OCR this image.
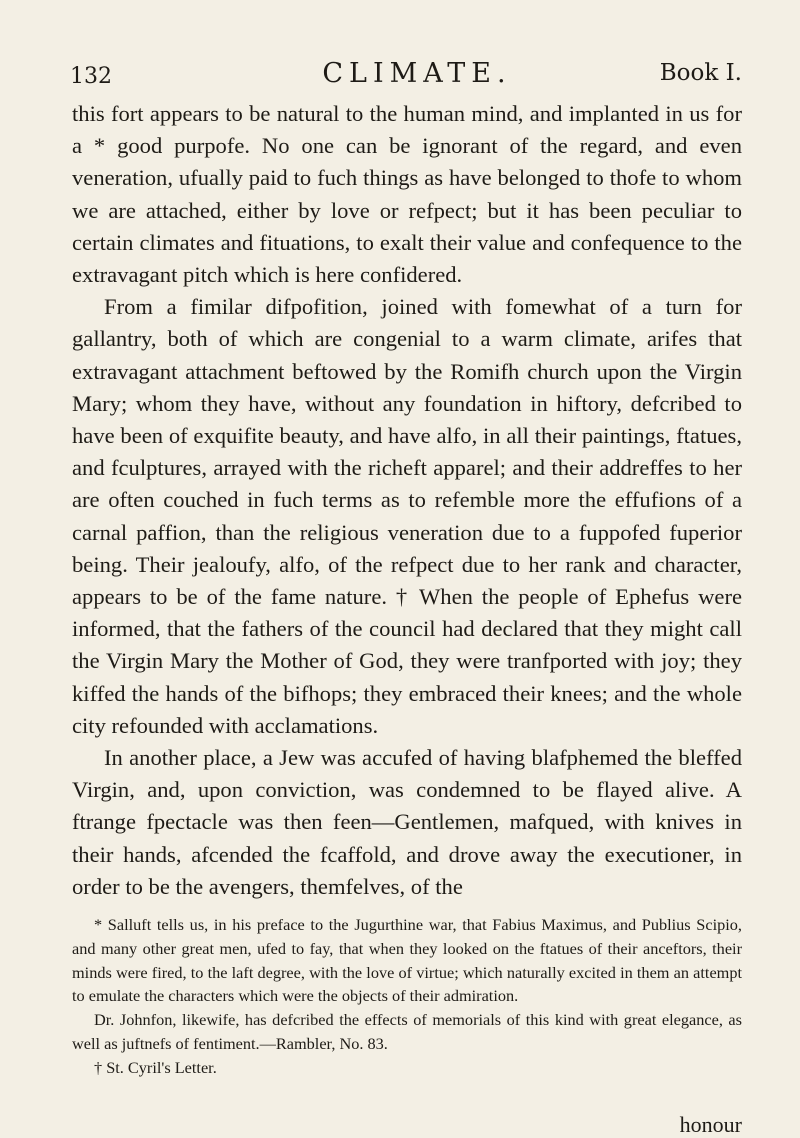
132	CLIMATE.	Book I.

this fort appears to be natural to the human mind, and implanted in us for a * good purpofe. No one can be ignorant of the regard, and even veneration, ufually paid to fuch things as have belonged to thofe to whom we are attached, either by love or refpect; but it has been peculiar to certain climates and fituations, to exalt their value and confequence to the extravagant pitch which is here confidered.

From a fimilar difpofition, joined with fomewhat of a turn for gallantry, both of which are congenial to a warm climate, arifes that extravagant attachment beftowed by the Romifh church upon the Virgin Mary; whom they have, without any foundation in hiftory, defcribed to have been of exquifite beauty, and have alfo, in all their paintings, ftatues, and fculptures, arrayed with the richeft apparel; and their addreffes to her are often couched in fuch terms as to refemble more the effufions of a carnal paffion, than the religious veneration due to a fuppofed fuperior being. Their jealoufy, alfo, of the refpect due to her rank and character, appears to be of the fame nature. † When the people of Ephefus were informed, that the fathers of the council had declared that they might call the Virgin Mary the Mother of God, they were tranfported with joy; they kiffed the hands of the bifhops; they embraced their knees; and the whole city refounded with acclamations.

In another place, a Jew was accufed of having blafphemed the bleffed Virgin, and, upon conviction, was condemned to be flayed alive. A ftrange fpectacle was then feen—Gentlemen, mafqued, with knives in their hands, afcended the fcaffold, and drove away the executioner, in order to be the avengers, themfelves, of the

* Salluft tells us, in his preface to the Jugurthine war, that Fabius Maximus, and Publius Scipio, and many other great men, ufed to fay, that when they looked on the ftatues of their anceftors, their minds were fired, to the laft degree, with the love of virtue; which naturally excited in them an attempt to emulate the characters which were the objects of their admiration.

Dr. Johnfon, likewife, has defcribed the effects of memorials of this kind with great elegance, as well as juftnefs of fentiment.—Rambler, No. 83.

† St. Cyril's Letter.

honour
